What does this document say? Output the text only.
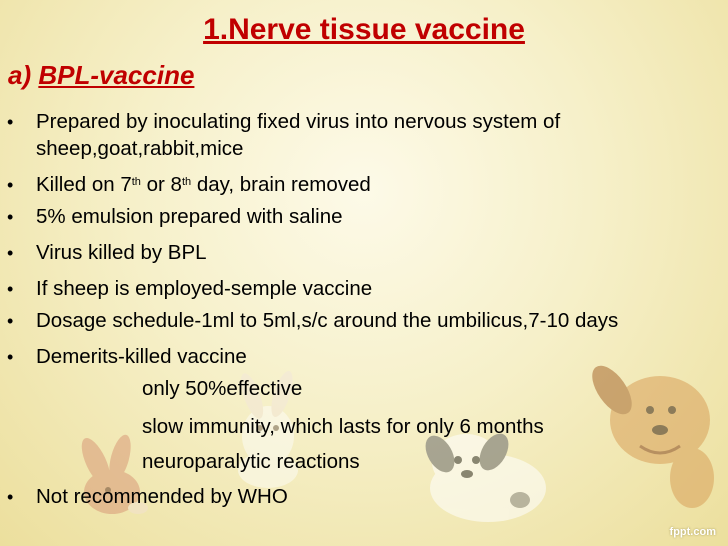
1.Nerve tissue vaccine
a) BPL-vaccine
• Prepared by inoculating fixed virus into nervous system of
sheep,goat,rabbit,mice
• Killed on 7th or 8th day, brain removed
• 5% emulsion prepared with saline
• Virus killed by BPL
• If sheep is employed-semple vaccine
• Dosage schedule-1ml to 5ml,s/c around the umbilicus,7-10 days
• Demerits-killed vaccine
only 50%effective
slow immunity, which lasts for only 6 months
neuroparalytic reactions
• Not recommended by WHO
fppt.com
